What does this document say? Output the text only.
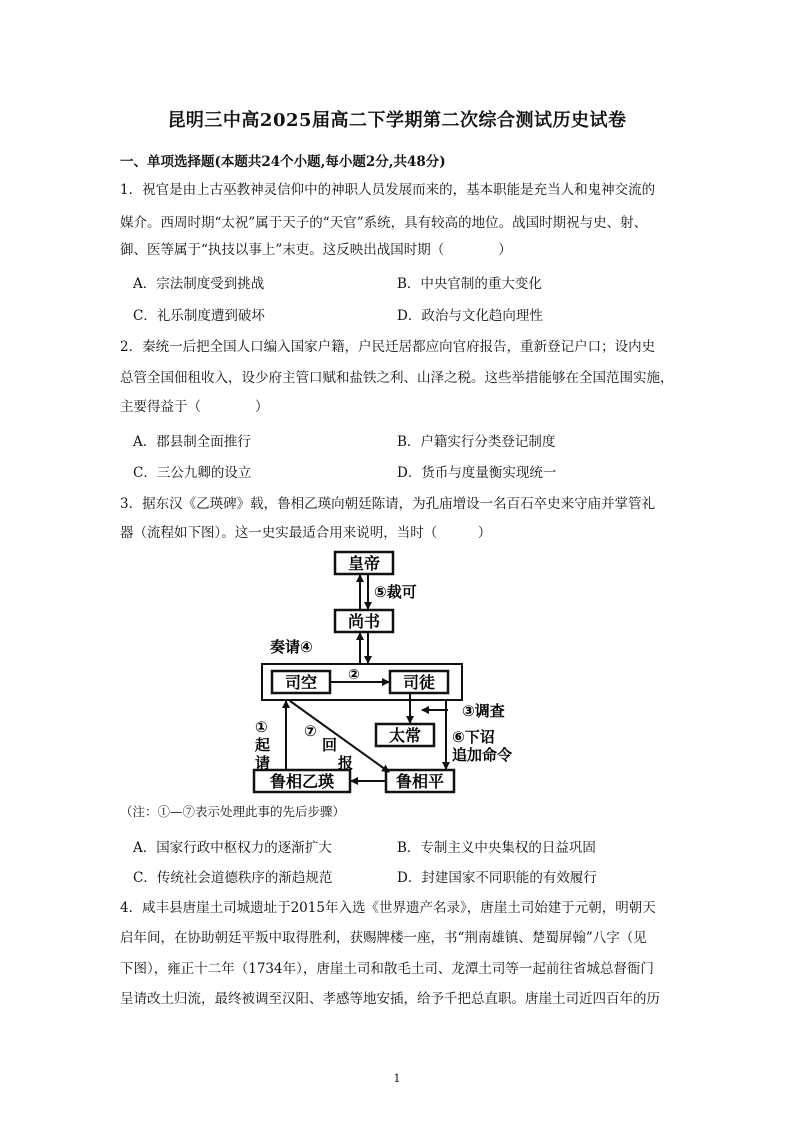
昆明三中高2025届高二下学期第二次综合测试历史试卷
一、单项选择题(本题共24个小题,每小题2分,共48分)
1．祝官是由上古巫教神灵信仰中的神职人员发展而来的，基本职能是充当人和鬼神交流的
媒介。西周时期“太祝”属于天子的“天官”系统，具有较高的地位。战国时期祝与史、射、
御、医等属于“执技以事上”末吏。这反映出战国时期（　　　　）
A．宗法制度受到挑战	B．中央官制的重大变化
C．礼乐制度遭到破坏	D．政治与文化趋向理性
2．秦统一后把全国人口编入国家户籍，户民迁居都应向官府报告，重新登记户口；设内史
总管全国佃租收入，设少府主管口赋和盐铁之利、山泽之税。这些举措能够在全国范围实施，
主要得益于（　　　　）
A．郡县制全面推行	B．户籍实行分类登记制度
C．三公九卿的设立	D．货币与度量衡实现统一
3．据东汉《乙瑛碑》载，鲁相乙瑛向朝廷陈请，为孔庙增设一名百石卒史来守庙并掌管礼
器（流程如下图）。这一史实最适合用来说明，当时（　　　）
皇帝
尚书
司空	司徒
太常
鲁相乙瑛	鲁相平
⑤裁可
奏请④
②
③调查
①
起
请
⑦
回
报
⑥下诏
追加命令
（注：①—⑦表示处理此事的先后步骤）
A．国家行政中枢权力的逐渐扩大	B．专制主义中央集权的日益巩固
C．传统社会道德秩序的渐趋规范	D．封建国家不同职能的有效履行
4．咸丰县唐崖土司城遗址于2015年入选《世界遗产名录》，唐崖土司始建于元朝，明朝天
启年间，在协助朝廷平叛中取得胜利，获赐牌楼一座，书“荆南雄镇、楚蜀屏翰”八字（见
下图），雍正十二年（1734年），唐崖土司和散毛土司、龙潭土司等一起前往省城总督衙门
呈请改土归流，最终被调至汉阳、孝感等地安插，给予千把总直职。唐崖土司近四百年的历
1
